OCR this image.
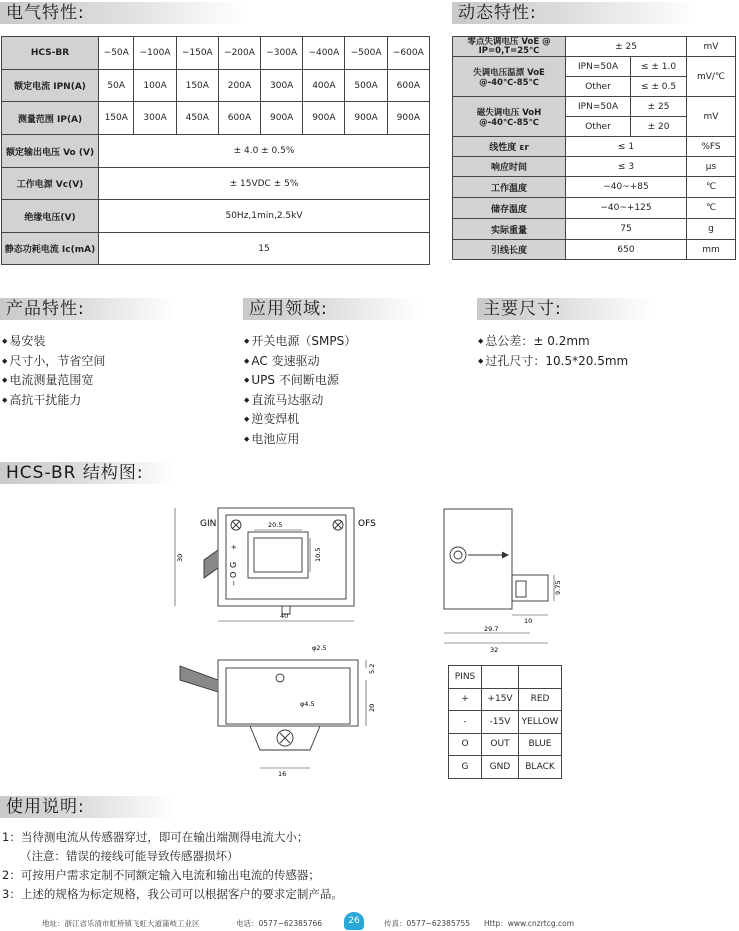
电气特性:	动态特性:
HCS-BR	−50A	−100A	−150A	−200A	−300A	−400A	−500A	−600A
额定电流 IPN(A)	50A	100A	150A	200A	300A	400A	500A	600A
测量范围 IP(A)	150A	300A	450A	600A	900A	900A	900A	900A
额定输出电压 Vo (V)	± 4.0 ± 0.5%							
工作电源 Vc(V)	± 15VDC ± 5%							
绝缘电压(V)	50Hz,1min,2.5kV							
静态功耗电流 Ic(mA)	15							
零点失调电压 VoE @ IP=0,T=25℃	± 25		mV
失调电压温漂 VoE @-40℃-85℃	IPN=50A	≤ ± 1.0	mV/℃
	Other	≤ ± 0.5	
磁失调电压 VoH @-40℃-85℃	IPN=50A	± 25	mV
	Other	± 20	
线性度 εr	≤ 1		%FS
响应时间	≤ 3		μs
工作温度	−40~+85		℃
储存温度	−40~+125		℃
实际重量	75		g
引线长度	650		mm
产品特性:	应用领域:	主要尺寸:
◆ 易安装
◆ 尺寸小，节省空间
◆ 电流测量范围宽
◆ 高抗干扰能力
◆ 开关电源（SMPS）
◆ AC 变速驱动
◆ UPS 不间断电源
◆ 直流马达驱动
◆ 逆变焊机
◆ 电池应用
◆ 总公差：± 0.2mm
◆ 过孔尺寸：10.5*20.5mm
HCS-BR 结构图:
GIN	OFS
20.5
10.5
30
40
+
G
O
−	9.75
10
29.7
32
φ2.5
φ4.5
5.2
20
16
PINS		
+	+15V	RED
-	-15V	YELLOW
O	OUT	BLUE
G	GND	BLACK
使用说明:
1：当待测电流从传感器穿过，即可在输出端测得电流大小；
（注意：错误的接线可能导致传感器损坏）
2：可按用户需求定制不同额定输入电流和输出电流的传感器；
3：上述的规格为标定规格，我公司可以根据客户的要求定制产品。
地址：浙江省乐清市虹桥镇飞虹大道蒲岐工业区	电话：0577−62385766	26	传真：0577−62385755 Http：www.cnzrtcg.com
